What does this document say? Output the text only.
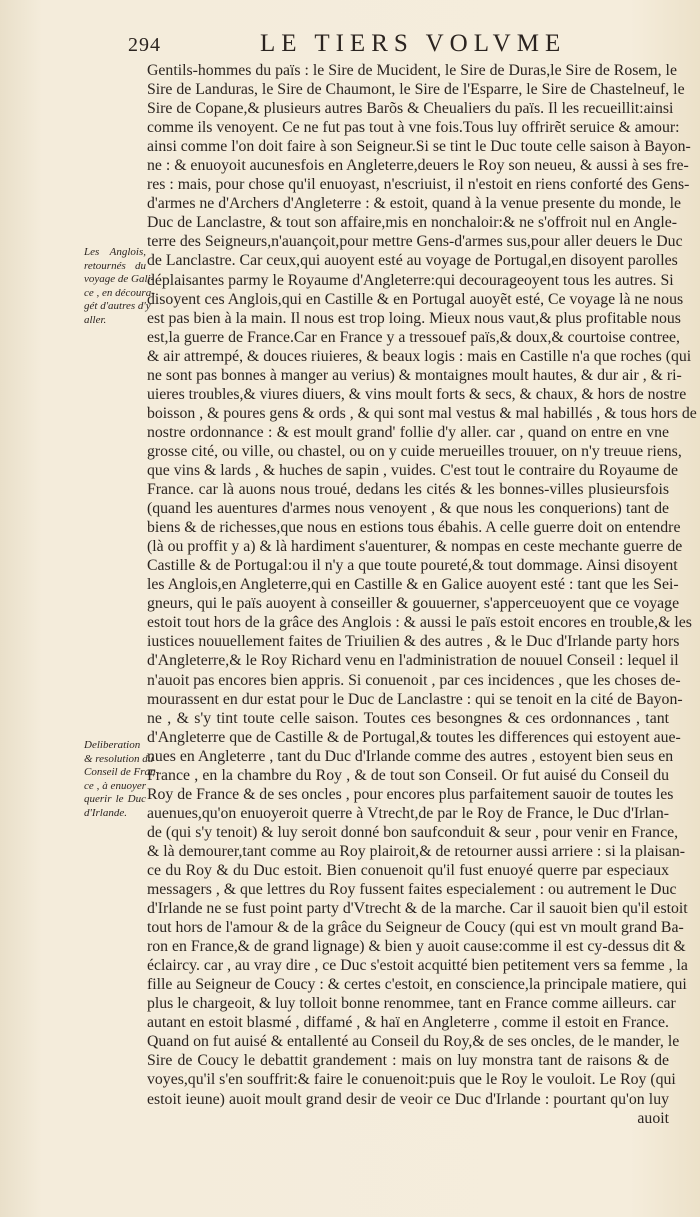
294	LE TIERS VOLVME
Les Anglois,
retournés du
voyage de Gali-
ce , en découra-
gét d'autres d'y
aller.
Deliberation
& resolution du
Conseil de Fran-
ce , à enuoyer
querir le Duc
d'Irlande.
Gentils-hommes du païs : le Sire de Mucident, le Sire de Duras,le Sire de Rosem, le
Sire de Landuras, le Sire de Chaumont, le Sire de l'Esparre, le Sire de Chastelneuf, le
Sire de Copane,& plusieurs autres Barõs & Cheualiers du païs. Il les recueillit:ainsi
comme ils venoyent. Ce ne fut pas tout à vne fois.Tous luy offrirẽt seruice & amour:
ainsi comme l'on doit faire à son Seigneur.Si se tint le Duc toute celle saison à Bayon-
ne : & enuoyoit aucunesfois en Angleterre,deuers le Roy son neueu, & aussi à ses fre-
res : mais, pour chose qu'il enuoyast, n'escriuist, il n'estoit en riens conforté des Gens-
d'armes ne d'Archers d'Angleterre : & estoit, quand à la venue presente du monde, le
Duc de Lanclastre, & tout son affaire,mis en nonchaloir:& ne s'offroit nul en Angle-
terre des Seigneurs,n'auançoit,pour mettre Gens-d'armes sus,pour aller deuers le Duc
de Lanclastre. Car ceux,qui auoyent esté au voyage de Portugal,en disoyent parolles
déplaisantes parmy le Royaume d'Angleterre:qui decourageoyent tous les autres. Si
disoyent ces Anglois,qui en Castille & en Portugal auoyẽt esté, Ce voyage là ne nous
est pas bien à la main. Il nous est trop loing. Mieux nous vaut,& plus profitable nous
est,la guerre de France.Car en France y a tressouef païs,& doux,& courtoise contree,
& air attrempé, & douces riuieres, & beaux logis : mais en Castille n'a que roches (qui
ne sont pas bonnes à manger au verius) & montaignes moult hautes, & dur air , & ri-
uieres troubles,& viures diuers, & vins moult forts & secs, & chaux, & hors de nostre
boisson , & poures gens & ords , & qui sont mal vestus & mal habillés , & tous hors de
nostre ordonnance : & est moult grand' follie d'y aller. car , quand on entre en vne
grosse cité, ou ville, ou chastel, ou on y cuide merueilles trouuer, on n'y treuue riens,
que vins & lards , & huches de sapin , vuides. C'est tout le contraire du Royaume de
France. car là auons nous troué, dedans les cités & les bonnes-villes plusieursfois
(quand les auentures d'armes nous venoyent , & que nous les conquerions) tant de
biens & de richesses,que nous en estions tous ébahis. A celle guerre doit on entendre
(là ou proffit y a) & là hardiment s'auenturer, & nompas en ceste mechante guerre de
Castille & de Portugal:ou il n'y a que toute poureté,& tout dommage. Ainsi disoyent
les Anglois,en Angleterre,qui en Castille & en Galice auoyent esté : tant que les Sei-
gneurs, qui le païs auoyent à conseiller & gouuerner, s'apperceuoyent que ce voyage
estoit tout hors de la grâce des Anglois : & aussi le païs estoit encores en trouble,& les
iustices nouuellement faites de Triuilien & des autres , & le Duc d'Irlande party hors
d'Angleterre,& le Roy Richard venu en l'administration de nouuel Conseil : lequel il
n'auoit pas encores bien appris. Si conuenoit , par ces incidences , que les choses de-
mourassent en dur estat pour le Duc de Lanclastre : qui se tenoit en la cité de Bayon-
ne , & s'y tint toute celle saison. Toutes ces besongnes & ces ordonnances , tant
d'Angleterre que de Castille & de Portugal,& toutes les differences qui estoyent aue-
nues en Angleterre , tant du Duc d'Irlande comme des autres , estoyent bien seus en
France , en la chambre du Roy , & de tout son Conseil. Or fut auisé du Conseil du
Roy de France & de ses oncles , pour encores plus parfaitement sauoir de toutes les
auenues,qu'on enuoyeroit querre à Vtrecht,de par le Roy de France, le Duc d'Irlan-
de (qui s'y tenoit) & luy seroit donné bon saufconduit & seur , pour venir en France,
& là demourer,tant comme au Roy plairoit,& de retourner aussi arriere : si la plaisan-
ce du Roy & du Duc estoit. Bien conuenoit qu'il fust enuoyé querre par especiaux
messagers , & que lettres du Roy fussent faites especialement : ou autrement le Duc
d'Irlande ne se fust point party d'Vtrecht & de la marche. Car il sauoit bien qu'il estoit
tout hors de l'amour & de la grâce du Seigneur de Coucy (qui est vn moult grand Ba-
ron en France,& de grand lignage) & bien y auoit cause:comme il est cy-dessus dit &
éclaircy. car , au vray dire , ce Duc s'estoit acquitté bien petitement vers sa femme , la
fille au Seigneur de Coucy : & certes c'estoit, en conscience,la principale matiere, qui
plus le chargeoit, & luy tolloit bonne renommee, tant en France comme ailleurs. car
autant en estoit blasmé , diffamé , & haï en Angleterre , comme il estoit en France.
Quand on fut auisé & entallenté au Conseil du Roy,& de ses oncles, de le mander, le
Sire de Coucy le debattit grandement : mais on luy monstra tant de raisons & de
voyes,qu'il s'en souffrit:& faire le conuenoit:puis que le Roy le vouloit. Le Roy (qui
estoit ieune) auoit moult grand desir de veoir ce Duc d'Irlande : pourtant qu'on luy
auoit
